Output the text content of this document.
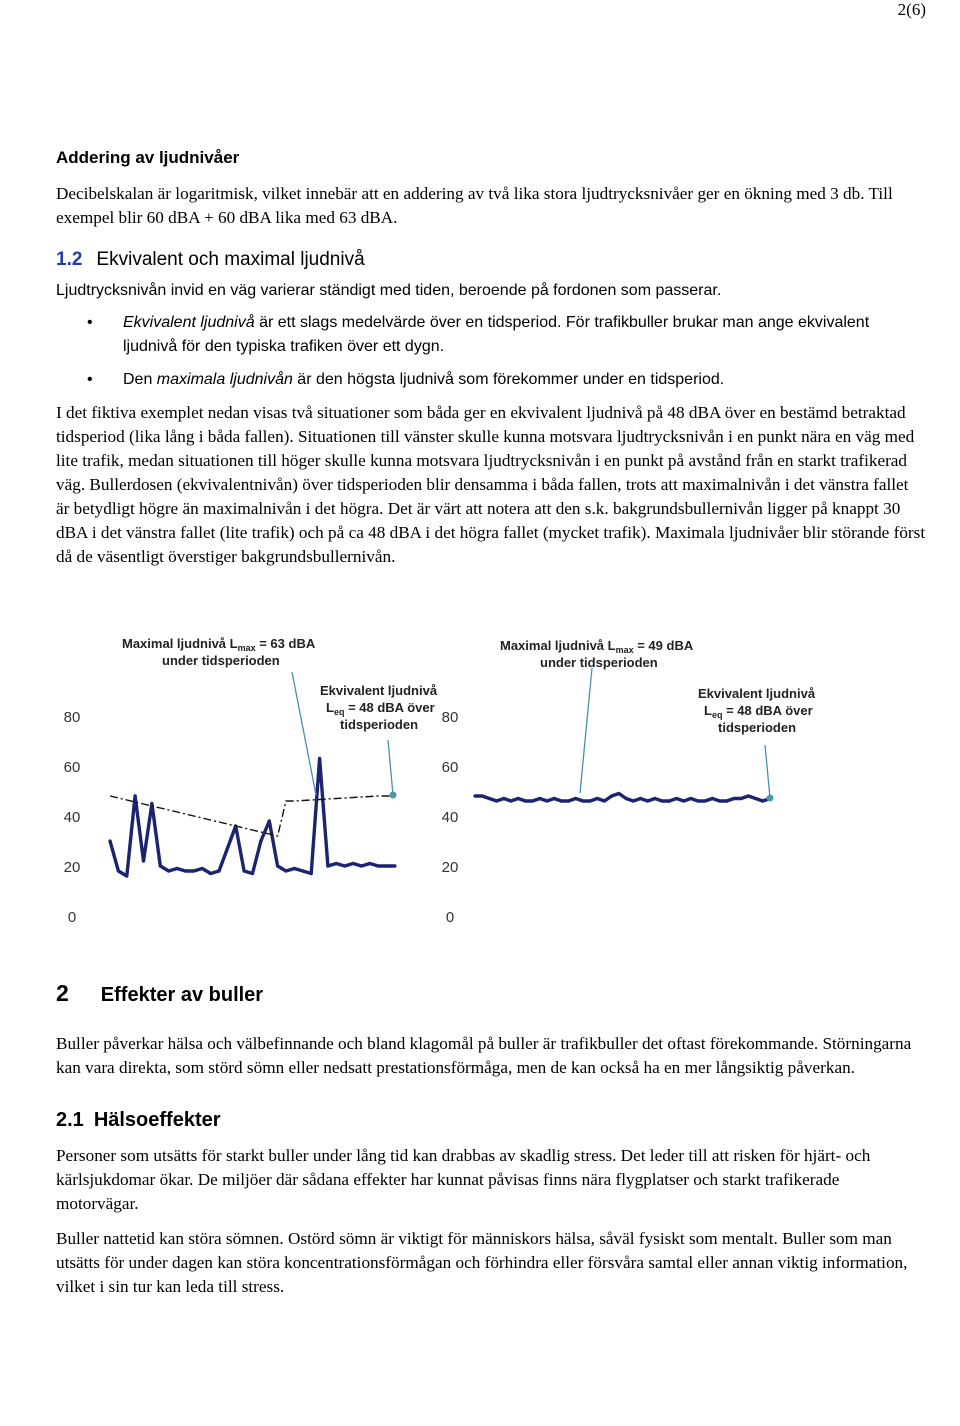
2(6)
Addering av ljudnivåer

Decibelskalan är logaritmisk, vilket innebär att en addering av två lika stora ljudtrycksnivåer ger en ökning med 3 db. Till exempel blir 60 dBA + 60 dBA lika med 63 dBA.

1.2 Ekvivalent och maximal ljudnivå

Ljudtrycksnivån invid en väg varierar ständigt med tiden, beroende på fordonen som passerar.

• Ekvivalent ljudnivå är ett slags medelvärde över en tidsperiod. För trafikbuller brukar man ange ekvivalent ljudnivå för den typiska trafiken över ett dygn.
• Den maximala ljudnivån är den högsta ljudnivå som förekommer under en tidsperiod.

I det fiktiva exemplet nedan visas två situationer som båda ger en ekvivalent ljudnivå på 48 dBA över en bestämd betraktad tidsperiod (lika lång i båda fallen). Situationen till vänster skulle kunna motsvara ljudtrycksnivån i en punkt nära en väg med lite trafik, medan situationen till höger skulle kunna motsvara ljudtrycksnivån i en punkt på avstånd från en starkt trafikerad väg. Bullerdosen (ekvivalentnivån) över tidsperioden blir densamma i båda fallen, trots att maximalnivån i det vänstra fallet är betydligt högre än maximalnivån i det högra. Det är värt att notera att den s.k. bakgrundsbullernivån ligger på knappt 30 dBA i det vänstra fallet (lite trafik) och på ca 48 dBA i det högra fallet (mycket trafik). Maximala ljudnivåer blir störande först då de väsentligt överstiger bakgrundsbullernivån.

80
60
40
20
0
Maximal ljudnivå $L_{max} = 63$ dBA
under tidsperioden
Ekvivalent ljudnivå
$L_{eq} = 48$ dBA över
tidsperioden 80
60
40
20
0
Maximal ljudnivå $L_{max} = 49$ dBA
under tidsperioden
Ekvivalent ljudnivå
$L_{eq} = 48$ dBA över
tidsperioden
2 Effekter av buller

Buller påverkar hälsa och välbefinnande och bland klagomål på buller är trafikbuller det oftast förekommande. Störningarna kan vara direkta, som störd sömn eller nedsatt prestationsförmåga, men de kan också ha en mer långsiktig påverkan.

2.1 Hälsoeffekter

Personer som utsätts för starkt buller under lång tid kan drabbas av skadlig stress. Det leder till att risken för hjärt- och kärlsjukdomar ökar. De miljöer där sådana effekter har kunnat påvisas finns nära flygplatser och starkt trafikerade motorvägar.

Buller nattetid kan störa sömnen. Ostörd sömn är viktigt för människors hälsa, såväl fysiskt som mentalt. Buller som man utsätts för under dagen kan störa koncentrationsförmågan och förhindra eller försvåra samtal eller annan viktig information, vilket i sin tur kan leda till stress.
